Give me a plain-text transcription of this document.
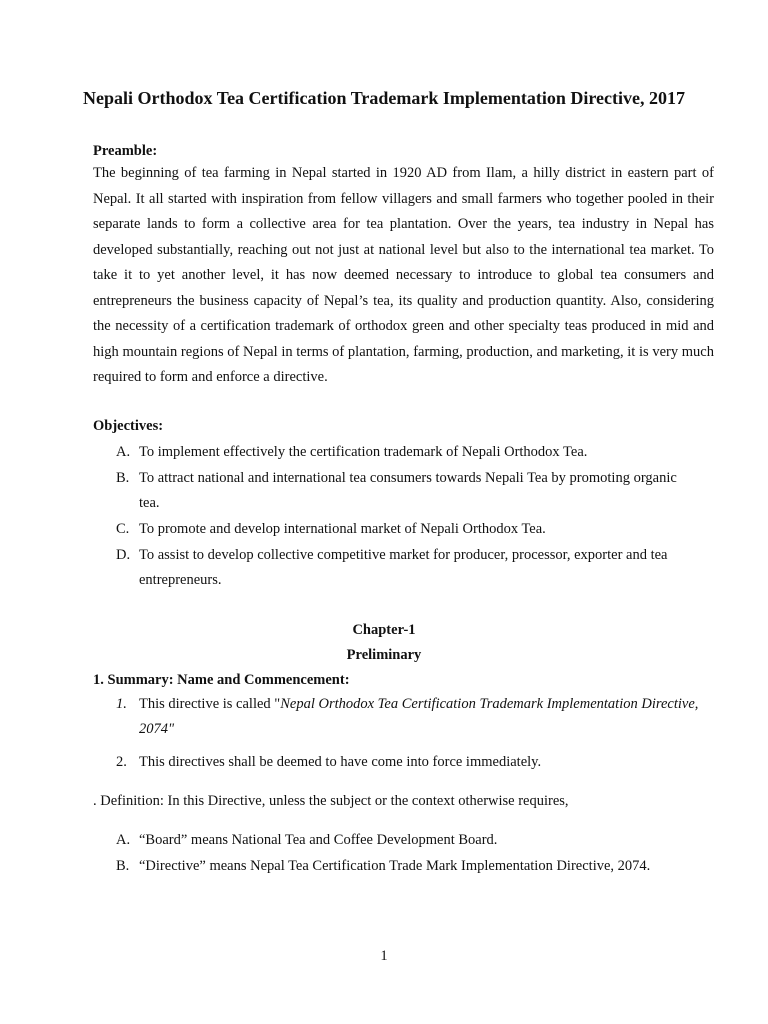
Nepali Orthodox Tea Certification Trademark Implementation Directive, 2017
Preamble:
The beginning of tea farming in Nepal started in 1920 AD from Ilam, a hilly district in eastern part of Nepal. It all started with inspiration from fellow villagers and small farmers who together pooled in their separate lands to form a collective area for tea plantation. Over the years, tea industry in Nepal has developed substantially, reaching out not just at national level but also to the international tea market. To take it to yet another level, it has now deemed necessary to introduce to global tea consumers and entrepreneurs the business capacity of Nepal’s tea, its quality and production quantity. Also, considering the necessity of a certification trademark of orthodox green and other specialty teas produced in mid and high mountain regions of Nepal in terms of plantation, farming, production, and marketing, it is very much required to form and enforce a directive.
Objectives:
A. To implement effectively the certification trademark of Nepali Orthodox Tea.
B. To attract national and international tea consumers towards Nepali Tea by promoting organic tea.
C. To promote and develop international market of Nepali Orthodox Tea.
D. To assist to develop collective competitive market for producer, processor, exporter and tea entrepreneurs.
Chapter-1
Preliminary
1. Summary: Name and Commencement:
1. This directive is called "Nepal Orthodox Tea Certification Trademark Implementation Directive, 2074"
2. This directives shall be deemed to have come into force immediately.
. Definition: In this Directive, unless the subject or the context otherwise requires,
A. “Board” means National Tea and Coffee Development Board.
B. “Directive” means Nepal Tea Certification Trade Mark Implementation Directive, 2074.
1
